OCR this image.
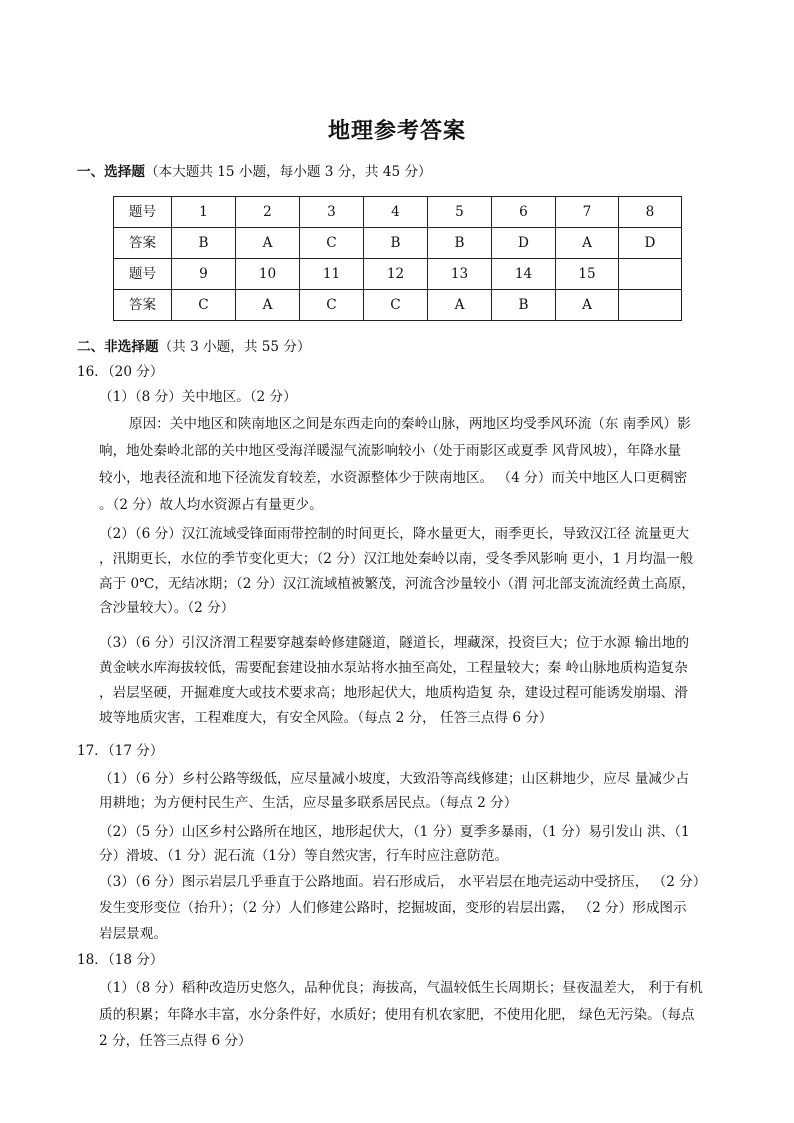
地理参考答案
一、选择题（本大题共 15 小题，每小题 3 分，共 45 分）
题号	1	2	3	4	5	6	7	8
答案	B	A	C	B	B	D	A	D
题号	9	10	11	12	13	14	15	
答案	C	A	C	C	A	B	A	
二、非选择题（共 3 小题，共 55 分）
16．（20 分）
（1）（8 分）关中地区。（2 分）
原因：关中地区和陕南地区之间是东西走向的秦岭山脉，两地区均受季风环流（东 南季风）影
响，地处秦岭北部的关中地区受海洋暖湿气流影响较小（处于雨影区或夏季 风背风坡），年降水量
较小，地表径流和地下径流发育较差，水资源整体少于陕南地区。 （4 分）而关中地区人口更稠密
。（2 分）故人均水资源占有量更少。
（2）（6 分）汉江流域受锋面雨带控制的时间更长，降水量更大，雨季更长，导致汉江径 流量更大
，汛期更长，水位的季节变化更大；（2 分）汉江地处秦岭以南，受冬季风影响 更小，1 月均温一般
高于 0℃，无结冰期；（2 分）汉江流域植被繁茂，河流含沙量较小（渭 河北部支流流经黄土高原，
含沙量较大）。（2 分）
（3）（6 分）引汉济渭工程要穿越秦岭修建隧道，隧道长，埋藏深，投资巨大；位于水源 输出地的
黄金峡水库海拔较低，需要配套建设抽水泵站将水抽至高处，工程量较大；秦 岭山脉地质构造复杂
，岩层坚硬，开掘难度大或技术要求高；地形起伏大，地质构造复 杂，建设过程可能诱发崩塌、滑
坡等地质灾害，工程难度大，有安全风险。（每点 2 分， 任答三点得 6 分）
17．（17 分）
（1）（6 分）乡村公路等级低，应尽量减小坡度，大致沿等高线修建；山区耕地少，应尽 量减少占
用耕地；为方便村民生产、生活，应尽量多联系居民点。（每点 2 分）
（2）（5 分）山区乡村公路所在地区，地形起伏大，（1 分）夏季多暴雨，（1 分）易引发山 洪、（1
分）滑坡、（1 分）泥石流（1分）等自然灾害，行车时应注意防范。
（3）（6 分）图示岩层几乎垂直于公路地面。岩石形成后， 水平岩层在地壳运动中受挤压， （2 分）
发生变形变位（抬升）；（2 分）人们修建公路时，挖掘坡面，变形的岩层出露， （2 分）形成图示
岩层景观。
18．（18 分）
（1）（8 分）稻种改造历史悠久，品种优良；海拔高，气温较低生长周期长；昼夜温差大， 利于有机
质的积累；年降水丰富，水分条件好，水质好；使用有机农家肥，不使用化肥， 绿色无污染。（每点
2 分，任答三点得 6 分）
